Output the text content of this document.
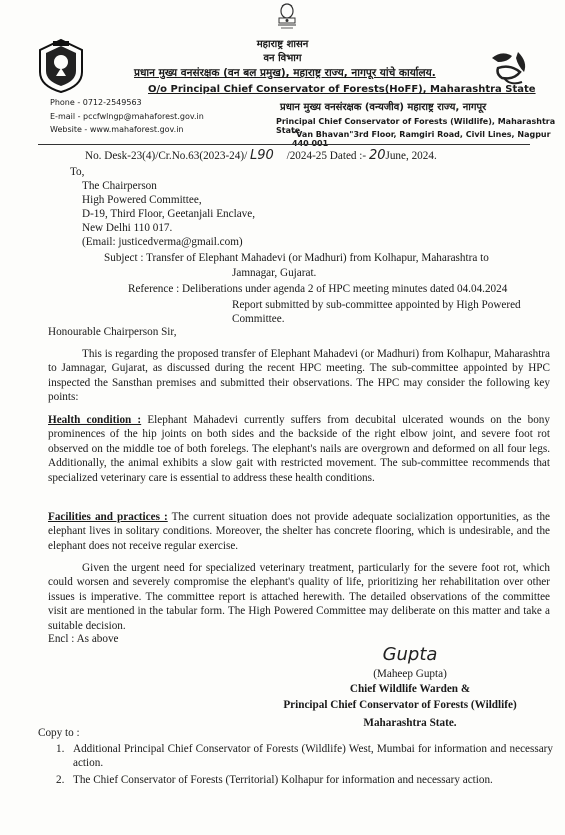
महाराष्ट्र शासन
वन विभाग
प्रधान मुख्य वनसंरक्षक (वन बल प्रमुख), महाराष्ट्र राज्य, नागपूर यांचे कार्यालय.
O/o Principal Chief Conservator of Forests(HoFF), Maharashtra State
Phone - 0712-2549563
E-mail - pccfwlngp@mahaforest.gov.in
Website - www.mahaforest.gov.in
प्रधान मुख्य वनसंरक्षक (वन्यजीव) महाराष्ट्र राज्य, नागपूर
Principal Chief Conservator of Forests (Wildlife), Maharashtra State
"Van Bhavan"3rd Floor, Ramgiri Road, Civil Lines, Nagpur
No. Desk-23(4)/Cr.No.63(2023-24)/ L90 /2024-25 Dated :- 20June, 2024.
To,
The Chairperson
High Powered Committee,
D-19, Third Floor, Geetanjali Enclave,
New Delhi 110 017.
(Email: justicedverma@gmail.com)
Subject : Transfer of Elephant Mahadevi (or Madhuri) from Kolhapur, Maharashtra to
Jamnagar, Gujarat.
Reference : Deliberations under agenda 2 of HPC meeting minutes dated 04.04.2024
Report submitted by sub-committee appointed by High Powered Committee.
Honourable Chairperson Sir,
This is regarding the proposed transfer of Elephant Mahadevi (or Madhuri) from Kolhapur, Maharashtra to Jamnagar, Gujarat, as discussed during the recent HPC meeting. The sub-committee appointed by HPC inspected the Sansthan premises and submitted their observations. The HPC may consider the following key points:
Health condition : Elephant Mahadevi currently suffers from decubital ulcerated wounds on the bony prominences of the hip joints on both sides and the backside of the right elbow joint, and severe foot rot observed on the middle toe of both forelegs. The elephant's nails are overgrown and deformed on all four legs. Additionally, the animal exhibits a slow gait with restricted movement. The sub-committee recommends that specialized veterinary care is essential to address these health conditions.
Facilities and practices : The current situation does not provide adequate socialization opportunities, as the elephant lives in solitary conditions. Moreover, the shelter has concrete flooring, which is undesirable, and the elephant does not receive regular exercise.
Given the urgent need for specialized veterinary treatment, particularly for the severe foot rot, which could worsen and severely compromise the elephant's quality of life, prioritizing her rehabilitation over other issues is imperative. The committee report is attached herewith. The detailed observations of the committee visit are mentioned in the tabular form. The High Powered Committee may deliberate on this matter and take a suitable decision.
Encl : As above
Gupta
(Maheep Gupta)
Chief Wildlife Warden &
Principal Chief Conservator of Forests (Wildlife)
Maharashtra State.
Copy to :
1. Additional Principal Chief Conservator of Forests (Wildlife) West, Mumbai for information and necessary action.
2. The Chief Conservator of Forests (Territorial) Kolhapur for information and necessary action.
